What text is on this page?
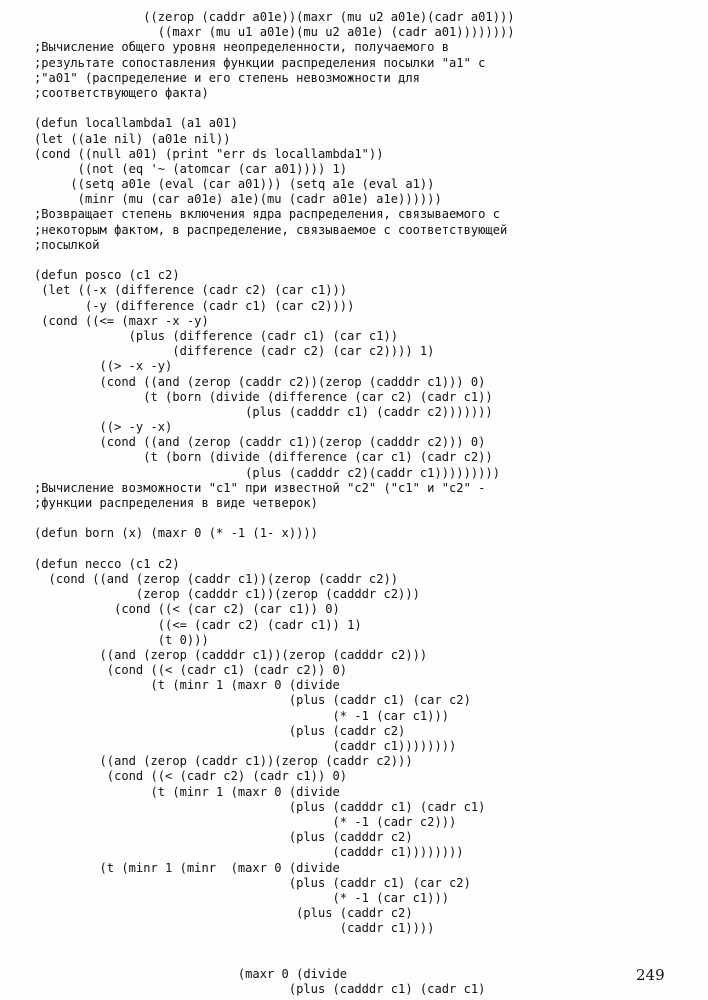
((zerop (caddr a01e))(maxr (mu u2 a01e)(cadr a01)))
((maxr (mu u1 a01e)(mu u2 a01e) (cadr a01))))))))
;Вычисление общего уровня неопределенности, получаемого в
;результате сопоставления функции распределения посылки "a1" с
;"a01" (распределение и его степень невозможности для
;соответствующего факта)

(defun locallambda1 (a1 a01)
(let ((a1e nil) (a01e nil))
(cond ((null a01) (print "err ds locallambda1"))
((not (eq '~ (atomcar (car a01)))) 1)
((setq a01e (eval (car a01))) (setq a1e (eval a1))
(minr (mu (car a01e) a1e)(mu (cadr a01e) a1e))))))
;Возвращает степень включения ядра распределения, связываемого с
;некоторым фактом, в распределение, связываемое с соответствующей
;посылкой

(defun posco (c1 c2)
(let ((-x (difference (cadr c2) (car c1)))
(-y (difference (cadr c1) (car c2))))
(cond ((<= (maxr -x -y)
(plus (difference (cadr c1) (car c1))
(difference (cadr c2) (car c2)))) 1)
((> -x -y)
(cond ((and (zerop (caddr c2))(zerop (cadddr c1))) 0)
(t (born (divide (difference (car c2) (cadr c1))
(plus (cadddr c1) (caddr c2)))))))
((> -y -x)
(cond ((and (zerop (caddr c1))(zerop (cadddr c2))) 0)
(t (born (divide (difference (car c1) (cadr c2))
(plus (cadddr c2)(caddr c1)))))))))
;Вычисление возможности "c1" при известной "c2" ("c1" и "c2" -
;функции распределения в виде четверок)

(defun born (x) (maxr 0 (* -1 (1- x))))

(defun necco (c1 c2)
(cond ((and (zerop (caddr c1))(zerop (caddr c2))
(zerop (cadddr c1))(zerop (cadddr c2)))
(cond ((< (car c2) (car c1)) 0)
((<= (cadr c2) (cadr c1)) 1)
(t 0)))
((and (zerop (cadddr c1))(zerop (cadddr c2)))
(cond ((< (cadr c1) (cadr c2)) 0)
(t (minr 1 (maxr 0 (divide
(plus (caddr c1) (car c2)
(* -1 (car c1)))
(plus (caddr c2)
(caddr c1))))))))
((and (zerop (caddr c1))(zerop (caddr c2)))
(cond ((< (cadr c2) (cadr c1)) 0)
(t (minr 1 (maxr 0 (divide
(plus (cadddr c1) (cadr c1)
(* -1 (cadr c2)))
(plus (cadddr c2)
(cadddr c1))))))))
(t (minr 1 (minr  (maxr 0 (divide
(plus (caddr c1) (car c2)
(* -1 (car c1)))
(plus (caddr c2)
(caddr c1))))

(maxr 0 (divide
(plus (cadddr c1) (cadr c1)
249
